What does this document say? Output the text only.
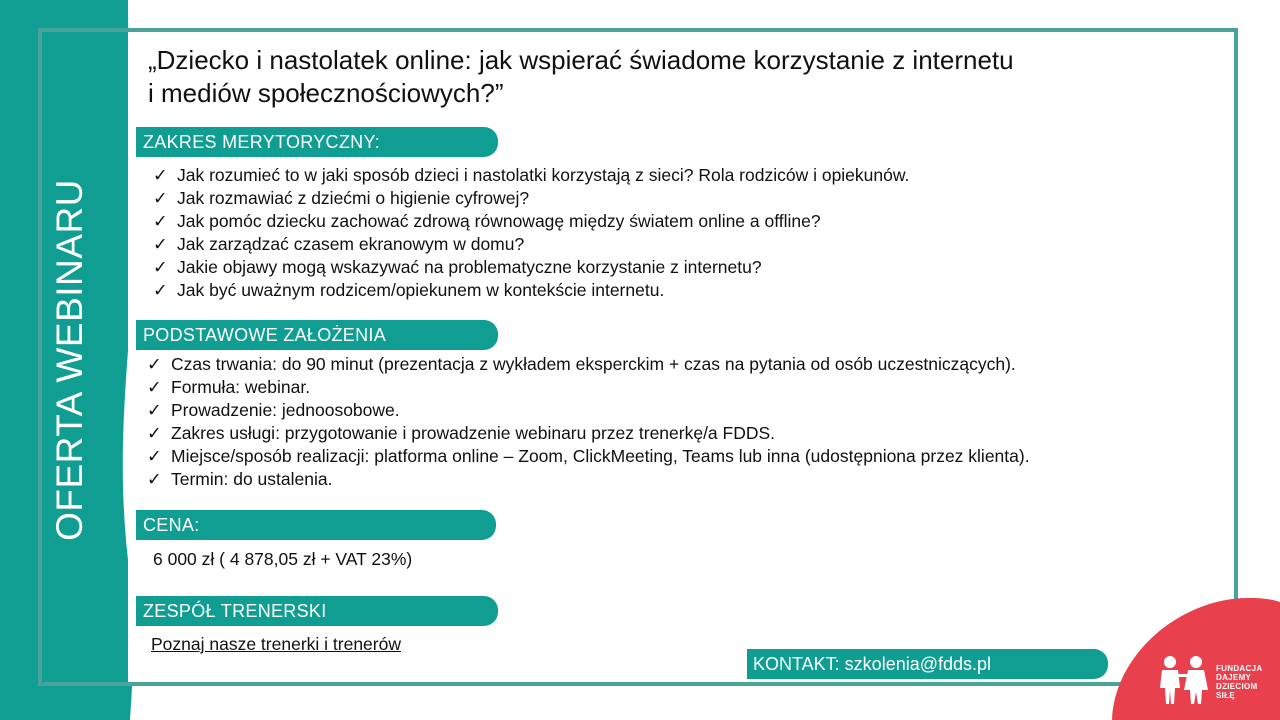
OFERTA WEBINARU
„Dziecko i nastolatek online: jak wspierać świadome korzystanie z internetu
i mediów społecznościowych?”
ZAKRES MERYTORYCZNY:
✓ Jak rozumieć to w jaki sposób dzieci i nastolatki korzystają z sieci? Rola rodziców i opiekunów.
✓ Jak rozmawiać z dziećmi o higienie cyfrowej?
✓ Jak pomóc dziecku zachować zdrową równowagę między światem online a offline?
✓ Jak zarządzać czasem ekranowym w domu?
✓ Jakie objawy mogą wskazywać na problematyczne korzystanie z internetu?
✓ Jak być uważnym rodzicem/opiekunem w kontekście internetu.
PODSTAWOWE ZAŁOŻENIA
✓ Czas trwania: do 90 minut (prezentacja z wykładem eksperckim + czas na pytania od osób uczestniczących).
✓ Formuła: webinar.
✓ Prowadzenie: jednoosobowe.
✓ Zakres usługi: przygotowanie i prowadzenie webinaru przez trenerkę/a FDDS.
✓ Miejsce/sposób realizacji: platforma online – Zoom, ClickMeeting, Teams lub inna (udostępniona przez klienta).
✓ Termin: do ustalenia.
CENA:
6 000 zł ( 4 878,05 zł + VAT 23%)
ZESPÓŁ TRENERSKI
Poznaj nasze trenerki i trenerów
KONTAKT: szkolenia@fdds.pl	FUNDACJA
DAJEMY
DZIECIOM
SIŁĘ
